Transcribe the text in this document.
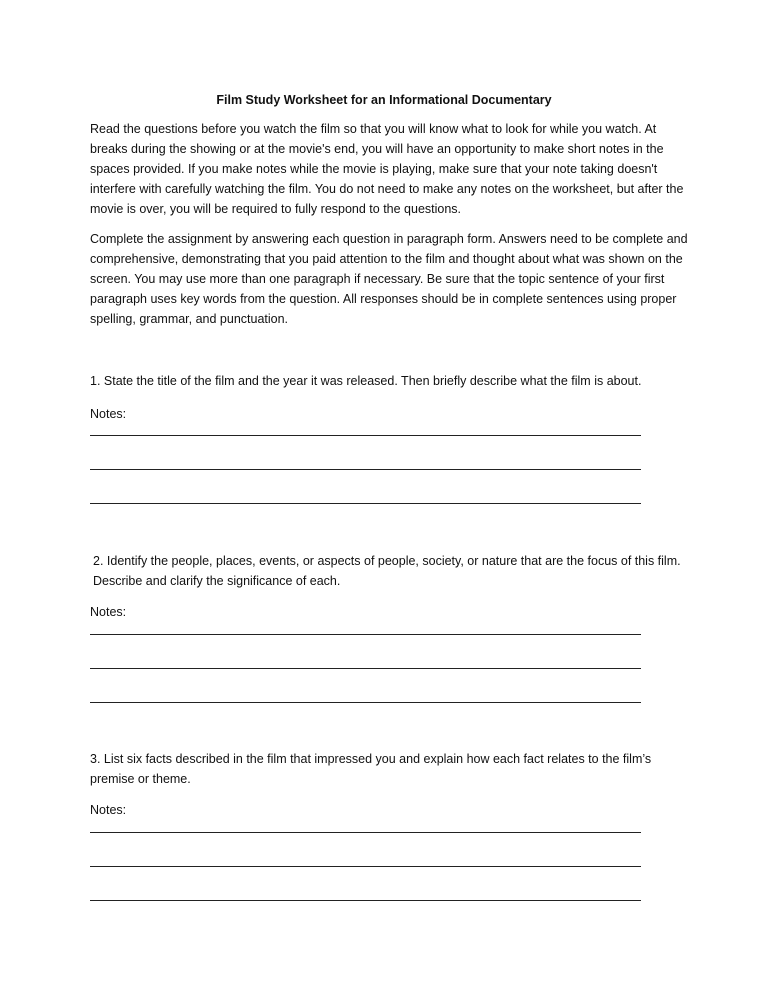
Film Study Worksheet for an Informational Documentary

Read the questions before you watch the film so that you will know what to look for while you watch. At breaks during the showing or at the movie's end, you will have an opportunity to make short notes in the spaces provided. If you make notes while the movie is playing, make sure that your note taking doesn't interfere with carefully watching the film. You do not need to make any notes on the worksheet, but after the movie is over, you will be required to fully respond to the questions.

Complete the assignment by answering each question in paragraph form. Answers need to be complete and comprehensive, demonstrating that you paid attention to the film and thought about what was shown on the screen. You may use more than one paragraph if necessary. Be sure that the topic sentence of your first paragraph uses key words from the question. All responses should be in complete sentences using proper spelling, grammar, and punctuation.

1. State the title of the film and the year it was released. Then briefly describe what the film is about.

Notes:

2. Identify the people, places, events, or aspects of people, society, or nature that are the focus of this film. Describe and clarify the significance of each.

Notes:

3. List six facts described in the film that impressed you and explain how each fact relates to the film’s premise or theme.

Notes:
